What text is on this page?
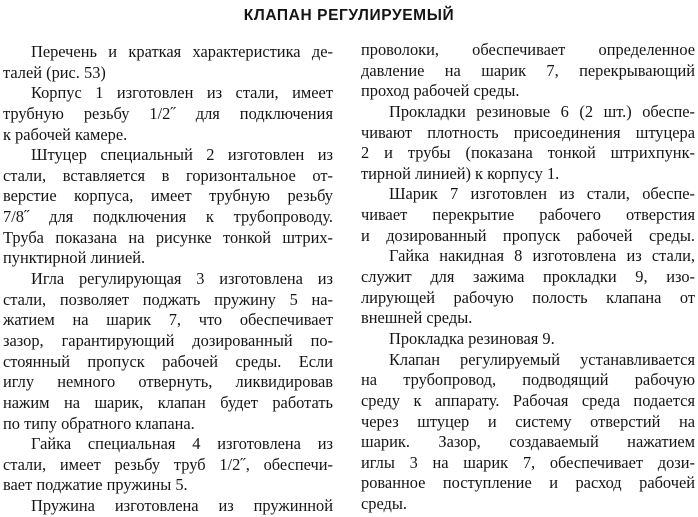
КЛАПАН РЕГУЛИРУЕМЫЙ
Перечень и краткая характеристика де-
талей (рис. 53)
Корпус 1 изготовлен из стали, имеет
трубную резьбу 1/2˝ для подключения
к рабочей камере.
Штуцер специальный 2 изготовлен из
стали, вставляется в горизонтальное от-
верстие корпуса, имеет трубную резьбу
7/8˝ для подключения к трубопроводу.
Труба показана на рисунке тонкой штрих-
пунктирной линией.
Игла регулирующая 3 изготовлена из
стали, позволяет поджать пружину 5 на-
жатием на шарик 7, что обеспечивает
зазор, гарантирующий дозированный по-
стоянный пропуск рабочей среды. Если
иглу немного отвернуть, ликвидировав
нажим на шарик, клапан будет работать
по типу обратного клапана.
Гайка специальная 4 изготовлена из
стали, имеет резьбу труб 1/2˝, обеспечи-
вает поджатие пружины 5.
Пружина изготовлена из пружинной
проволоки, обеспечивает определенное
давление на шарик 7, перекрывающий
проход рабочей среды.
Прокладки резиновые 6 (2 шт.) обеспе-
чивают плотность присоединения штуцера
2 и трубы (показана тонкой штрихпунк-
тирной линией) к корпусу 1.
Шарик 7 изготовлен из стали, обеспе-
чивает перекрытие рабочего отверстия
и дозированный пропуск рабочей среды.
Гайка накидная 8 изготовлена из стали,
служит для зажима прокладки 9, изо-
лирующей рабочую полость клапана от
внешней среды.
Прокладка резиновая 9.
Клапан регулируемый устанавливается
на трубопровод, подводящий рабочую
среду к аппарату. Рабочая среда подается
через штуцер и систему отверстий на
шарик. Зазор, создаваемый нажатием
иглы 3 на шарик 7, обеспечивает дози-
рованное поступление и расход рабочей
среды.
